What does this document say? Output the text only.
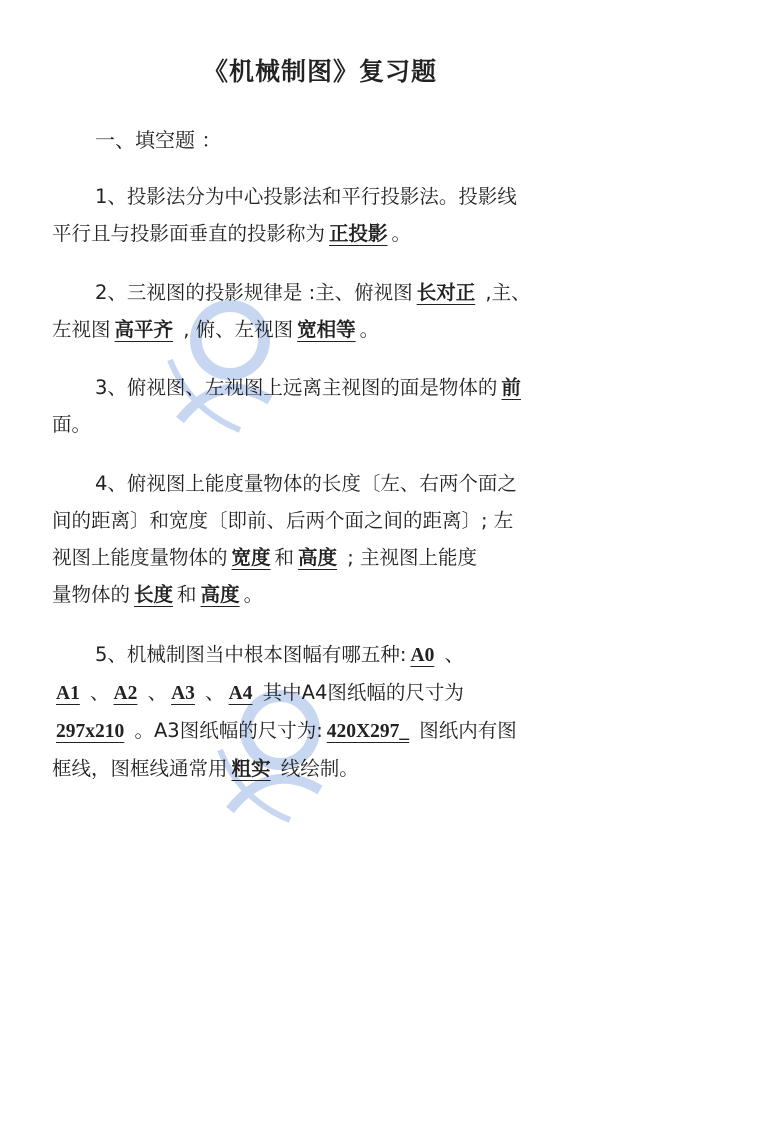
《机械制图》复习题
一、填空题 ：
1、投影法分为中心投影法和平行投影法。投影线
平行且与投影面垂直的投影称为 正投影 。
2、三视图的投影规律是 :主、俯视图 长对正 ,主、
左视图 高平齐 , 俯、左视图 宽相等 。
3、俯视图、左视图上远离主视图的面是物体的 前
面。
4、俯视图上能度量物体的长度〔左、右两个面之
间的距离〕和宽度〔即前、后两个面之间的距离〕; 左
视图上能度量物体的 宽度 和 高度 ; 主视图上能度
量物体的 长度 和 高度 。
5、机械制图当中根本图幅有哪五种: A0 、
A1 、 A2 、 A3 、 A4 其中A4图纸幅的尺寸为
297x210 。A3图纸幅的尺寸为: 420X297_ 图纸内有图
框线，图框线通常用 粗实 线绘制。
